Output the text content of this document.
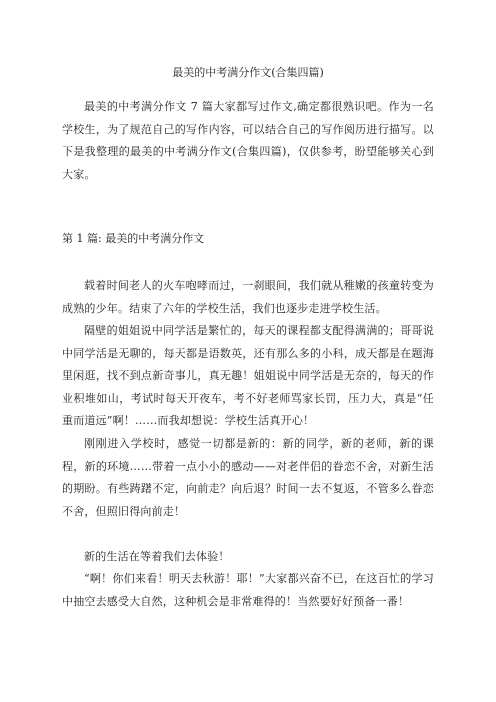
最美的中考满分作文(合集四篇)

最美的中考满分作文 7 篇大家都写过作文,确定都很熟识吧。作为一名学校生，为了规范自己的写作内容，可以结合自己的写作阅历进行描写。以下是我整理的最美的中考满分作文(合集四篇)，仅供参考，盼望能够关心到大家。

第 1 篇: 最美的中考满分作文

载着时间老人的火车咆哮而过，一刹眼间，我们就从稚嫩的孩童转变为成熟的少年。结束了六年的学校生活，我们也逐步走进学校生活。

隔壁的姐姐说中同学活是繁忙的，每天的课程都支配得满满的；哥哥说中同学活是无聊的，每天都是语数英，还有那么多的小科，成天都是在题海里闲逛，找不到点新奇事儿，真无趣！姐姐说中同学活是无奈的，每天的作业积堆如山，考试时每天开夜车，考不好老师骂家长罚，压力大，真是“任重而道远”啊！……而我却想说：学校生活真开心！

刚刚进入学校时，感觉一切都是新的：新的同学，新的老师，新的课程，新的环境……带着一点小小的感动——对老伴侣的眷恋不舍，对新生活的期盼。有些踌躇不定，向前走？向后退？时间一去不复返，不管多么眷恋不舍，但照旧得向前走！

新的生活在等着我们去体验！

“啊！你们来看！明天去秋游！耶！”大家都兴奋不已，在这百忙的学习中抽空去感受大自然，这种机会是非常难得的！当然要好好预备一番！
